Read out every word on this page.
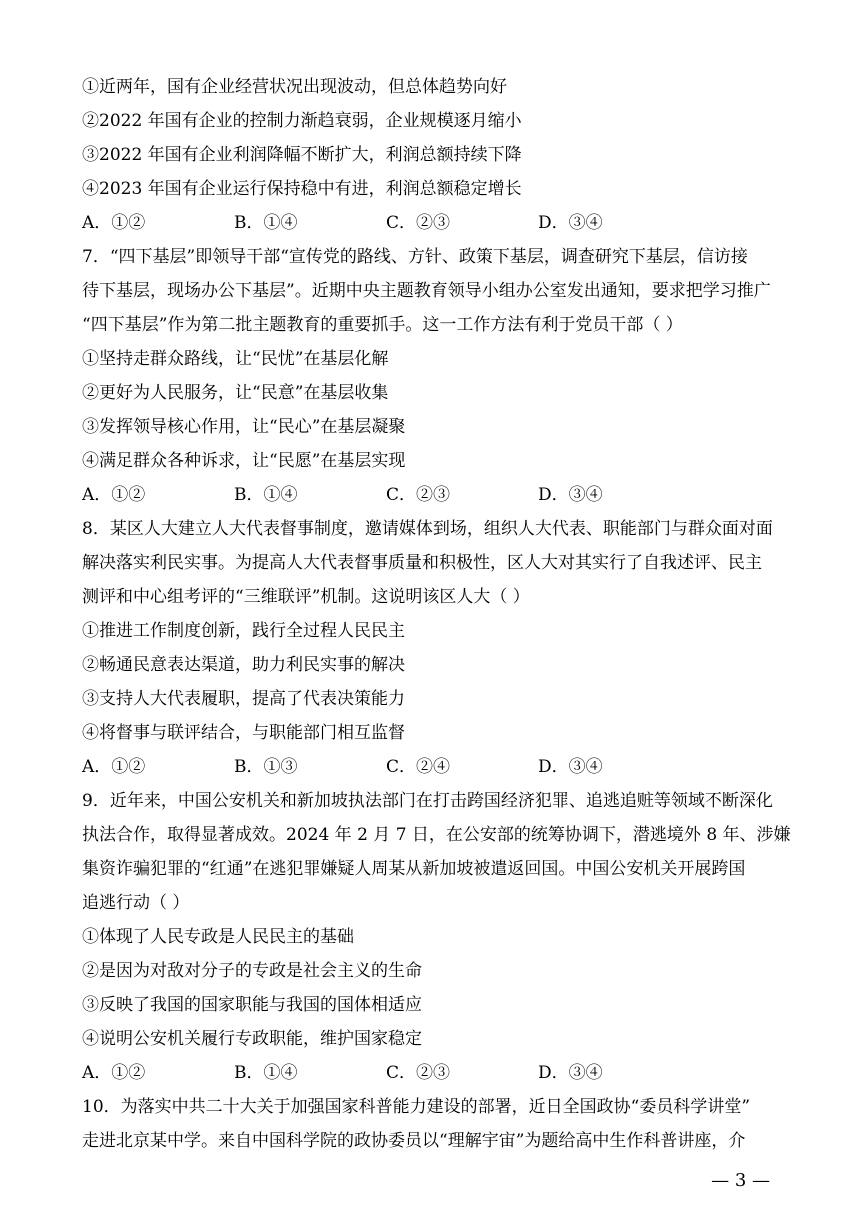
①近两年，国有企业经营状况出现波动，但总体趋势向好
②2022 年国有企业的控制力渐趋衰弱，企业规模逐月缩小
③2022 年国有企业利润降幅不断扩大，利润总额持续下降
④2023 年国有企业运行保持稳中有进，利润总额稳定增长
A．①②	B．①④	C．②③	D．③④
7．“四下基层”即领导干部“宣传党的路线、方针、政策下基层，调查研究下基层，信访接
待下基层，现场办公下基层”。近期中央主题教育领导小组办公室发出通知，要求把学习推广
“四下基层”作为第二批主题教育的重要抓手。这一工作方法有利于党员干部（ ）
①坚持走群众路线，让“民忧”在基层化解
②更好为人民服务，让“民意”在基层收集
③发挥领导核心作用，让“民心”在基层凝聚
④满足群众各种诉求，让“民愿”在基层实现
A．①②	B．①④	C．②③	D．③④
8．某区人大建立人大代表督事制度，邀请媒体到场，组织人大代表、职能部门与群众面对面
解决落实利民实事。为提高人大代表督事质量和积极性，区人大对其实行了自我述评、民主
测评和中心组考评的“三维联评”机制。这说明该区人大（ ）
①推进工作制度创新，践行全过程人民民主
②畅通民意表达渠道，助力利民实事的解决
③支持人大代表履职，提高了代表决策能力
④将督事与联评结合，与职能部门相互监督
A．①②	B．①③	C．②④	D．③④
9．近年来，中国公安机关和新加坡执法部门在打击跨国经济犯罪、追逃追赃等领域不断深化
执法合作，取得显著成效。2024 年 2 月 7 日，在公安部的统筹协调下，潜逃境外 8 年、涉嫌
集资诈骗犯罪的“红通”在逃犯罪嫌疑人周某从新加坡被遣返回国。中国公安机关开展跨国
追逃行动（ ）
①体现了人民专政是人民民主的基础
②是因为对敌对分子的专政是社会主义的生命
③反映了我国的国家职能与我国的国体相适应
④说明公安机关履行专政职能，维护国家稳定
A．①②	B．①④	C．②③	D．③④
10．为落实中共二十大关于加强国家科普能力建设的部署，近日全国政协“委员科学讲堂”
走进北京某中学。来自中国科学院的政协委员以“理解宇宙”为题给高中生作科普讲座，介
— 3 —
